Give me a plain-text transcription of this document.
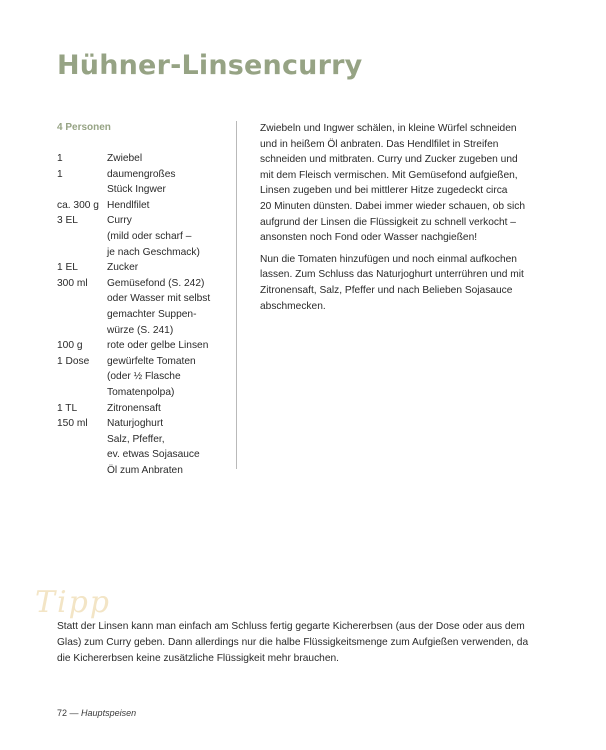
Hühner-Linsencurry
4 Personen
1	Zwiebel
1	daumengroßes
Stück Ingwer
ca. 300 g Hendlfilet
3 EL	Curry
(mild oder scharf –
je nach Geschmack)
1 EL	Zucker
300 ml	Gemüsefond (S. 242)
oder Wasser mit selbst
gemachter Suppen-
würze (S. 241)
100 g	rote oder gelbe Linsen
1 Dose	gewürfelte Tomaten
(oder ½ Flasche
Tomatenpolpa)
1 TL	Zitronensaft
150 ml	Naturjoghurt
Salz, Pfeffer,
ev. etwas Sojasauce
Öl zum Anbraten

Zwiebeln und Ingwer schälen, in kleine Würfel schneiden
und in heißem Öl anbraten. Das Hendlfilet in Streifen
schneiden und mitbraten. Curry und Zucker zugeben und
mit dem Fleisch vermischen. Mit Gemüsefond aufgießen,
Linsen zugeben und bei mittlerer Hitze zugedeckt circa
20 Minuten dünsten. Dabei immer wieder schauen, ob sich
aufgrund der Linsen die Flüssigkeit zu schnell verkocht –
ansonsten noch Fond oder Wasser nachgießen!

Nun die Tomaten hinzufügen und noch einmal aufkochen
lassen. Zum Schluss das Naturjoghurt unterrühren und mit
Zitronensaft, Salz, Pfeffer und nach Belieben Sojasauce
abschmecken.

Tipp
Statt der Linsen kann man einfach am Schluss fertig gegarte Kichererbsen (aus der Dose oder aus dem
Glas) zum Curry geben. Dann allerdings nur die halbe Flüssigkeitsmenge zum Aufgießen verwenden, da
die Kichererbsen keine zusätzliche Flüssigkeit mehr brauchen.
72 — Hauptspeisen
